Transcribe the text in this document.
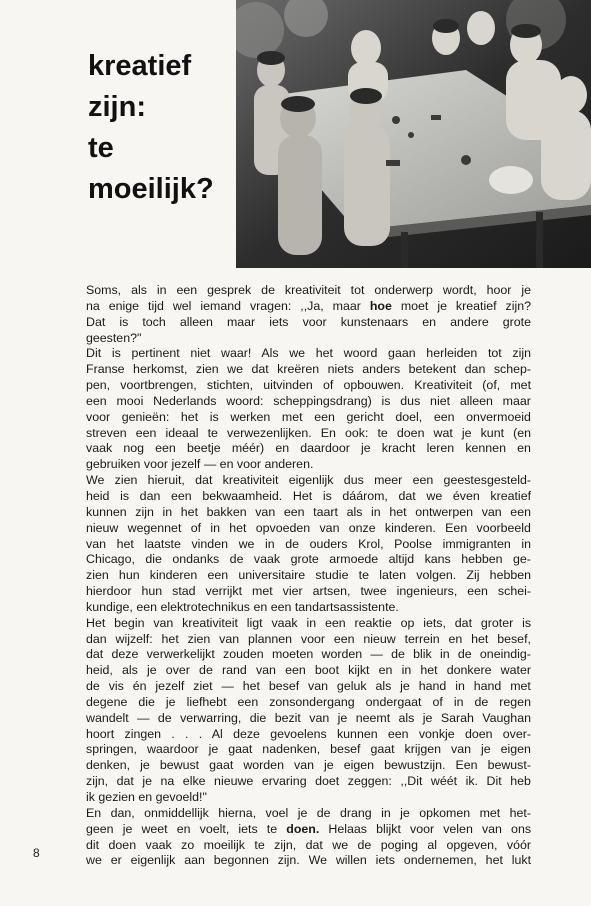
kreatief
zijn:
te
moeilijk?
Soms, als in een gesprek de kreativiteit tot onderwerp wordt, hoor je
na enige tijd wel iemand vragen: ,,Ja, maar hoe moet je kreatief zijn?
Dat is toch alleen maar iets voor kunstenaars en andere grote
geesten?"
Dit is pertinent niet waar! Als we het woord gaan herleiden tot zijn
Franse herkomst, zien we dat kreëren niets anders betekent dan schep-
pen, voortbrengen, stichten, uitvinden of opbouwen. Kreativiteit (of, met
een mooi Nederlands woord: scheppingsdrang) is dus niet alleen maar
voor genieën: het is werken met een gericht doel, een onvermoeid
streven een ideaal te verwezenlijken. En ook: te doen wat je kunt (en
vaak nog een beetje méér) en daardoor je kracht leren kennen en
gebruiken voor jezelf — en voor anderen.
We zien hieruit, dat kreativiteit eigenlijk dus meer een geestesgesteld-
heid is dan een bekwaamheid. Het is dáárom, dat we éven kreatief
kunnen zijn in het bakken van een taart als in het ontwerpen van een
nieuw wegennet of in het opvoeden van onze kinderen. Een voorbeeld
van het laatste vinden we in de ouders Krol, Poolse immigranten in
Chicago, die ondanks de vaak grote armoede altijd kans hebben ge-
zien hun kinderen een universitaire studie te laten volgen. Zij hebben
hierdoor hun stad verrijkt met vier artsen, twee ingenieurs, een schei-
kundige, een elektrotechnikus en een tandartsassistente.
Het begin van kreativiteit ligt vaak in een reaktie op iets, dat groter is
dan wijzelf: het zien van plannen voor een nieuw terrein en het besef,
dat deze verwerkelijkt zouden moeten worden — de blik in de oneindig-
heid, als je over de rand van een boot kijkt en in het donkere water
de vis én jezelf ziet — het besef van geluk als je hand in hand met
degene die je liefhebt een zonsondergang ondergaat of in de regen
wandelt — de verwarring, die bezit van je neemt als je Sarah Vaughan
hoort zingen . . . Al deze gevoelens kunnen een vonkje doen over-
springen, waardoor je gaat nadenken, besef gaat krijgen van je eigen
denken, je bewust gaat worden van je eigen bewustzijn. Een bewust-
zijn, dat je na elke nieuwe ervaring doet zeggen: ,,Dit wéét ik. Dit heb
ik gezien en gevoeld!"
En dan, onmiddellijk hierna, voel je de drang in je opkomen met het-
geen je weet en voelt, iets te doen. Helaas blijkt voor velen van ons
dit doen vaak zo moeilijk te zijn, dat we de poging al opgeven, vóór
we er eigenlijk aan begonnen zijn. We willen iets ondernemen, het lukt
8
